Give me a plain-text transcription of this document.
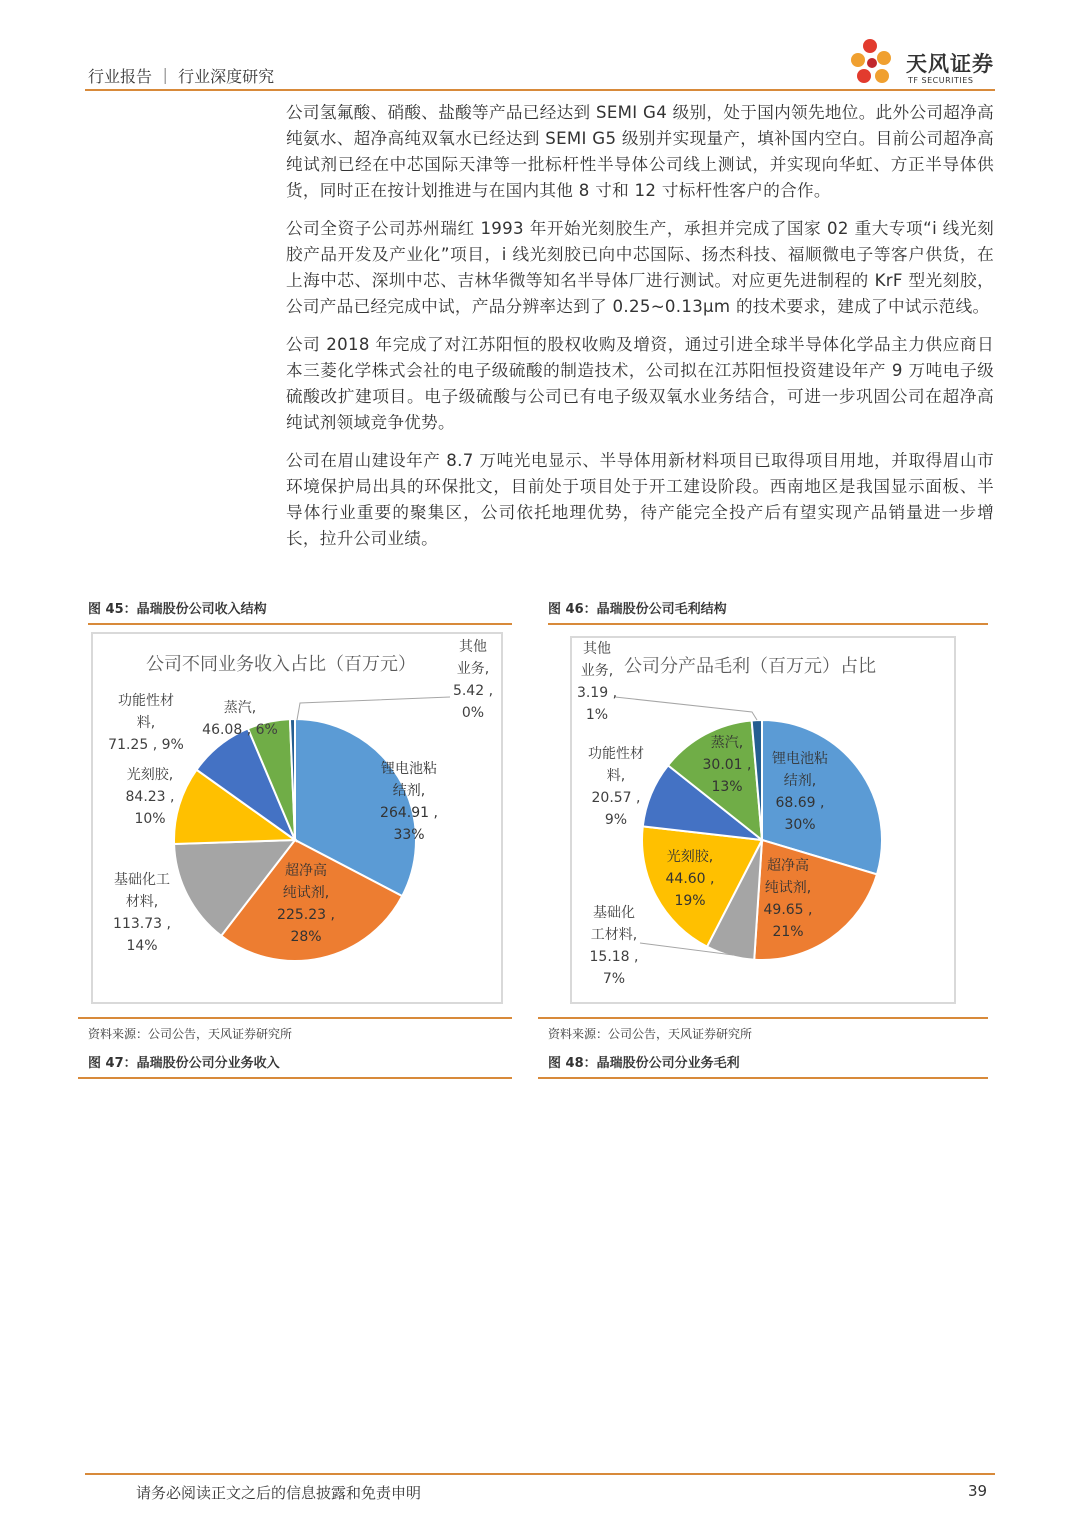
行业报告 ｜ 行业深度研究
天风证券
TF SECURITIES

公司氢氟酸、硝酸、盐酸等产品已经达到 SEMI G4 级别，处于国内领先地位。此外公司超净高纯氨水、超净高纯双氧水已经达到 SEMI G5 级别并实现量产，填补国内空白。目前公司超净高纯试剂已经在中芯国际天津等一批标杆性半导体公司线上测试，并实现向华虹、方正半导体供货，同时正在按计划推进与在国内其他 8 寸和 12 寸标杆性客户的合作。

公司全资子公司苏州瑞红 1993 年开始光刻胶生产，承担并完成了国家 02 重大专项“i 线光刻胶产品开发及产业化”项目，i 线光刻胶已向中芯国际、扬杰科技、福顺微电子等客户供货，在上海中芯、深圳中芯、吉林华微等知名半导体厂进行测试。对应更先进制程的 KrF 型光刻胶，公司产品已经完成中试，产品分辨率达到了 0.25~0.13μm 的技术要求，建成了中试示范线。

公司 2018 年完成了对江苏阳恒的股权收购及增资，通过引进全球半导体化学品主力供应商日本三菱化学株式会社的电子级硫酸的制造技术，公司拟在江苏阳恒投资建设年产 9 万吨电子级硫酸改扩建项目。电子级硫酸与公司已有电子级双氧水业务结合，可进一步巩固公司在超净高纯试剂领域竞争优势。

公司在眉山建设年产 8.7 万吨光电显示、半导体用新材料项目已取得项目用地，并取得眉山市环境保护局出具的环保批文，目前处于项目处于开工建设阶段。西南地区是我国显示面板、半导体行业重要的聚集区，公司依托地理优势，待产能完全投产后有望实现产品销量进一步增长，拉升公司业绩。

图 45：晶瑞股份公司收入结构	图 46：晶瑞股份公司毛利结构
公司不同业务收入占比（百万元）	公司分产品毛利（百万元）占比
锂电池粘结剂, 264.91 , 33%
超净高纯试剂, 225.23 , 28%
基础化工材料, 113.73 , 14%
光刻胶, 84.23 , 10%
功能性材料, 71.25 , 9%
蒸汽, 46.08 , 6%
其他业务, 5.42 , 0%
锂电池粘结剂, 68.69 , 30%
超净高纯试剂, 49.65 , 21%
基础化工材料, 15.18 , 7%
光刻胶, 44.60 , 19%
功能性材料, 20.57 , 9%
蒸汽, 30.01 , 13%
其他业务, 3.19 , 1%
资料来源：公司公告，天风证券研究所	资料来源：公司公告，天风证券研究所
图 47：晶瑞股份公司分业务收入	图 48：晶瑞股份公司分业务毛利
请务必阅读正文之后的信息披露和免责申明	39
